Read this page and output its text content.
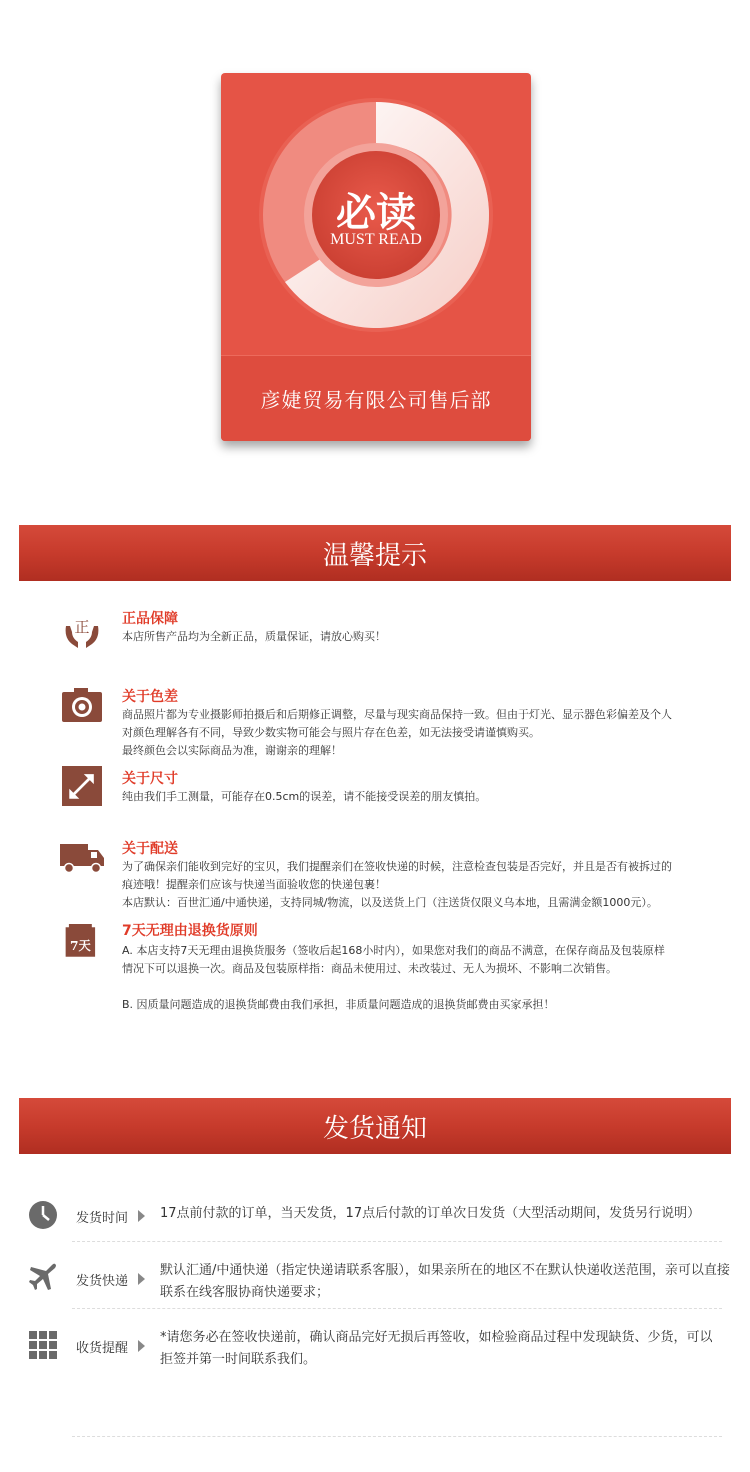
必读
MUST READ
彦婕贸易有限公司售后部
温馨提示
正 正品保障
本店所售产品均为全新正品，质量保证，请放心购买！
关于色差
商品照片都为专业摄影师拍摄后和后期修正调整，尽量与现实商品保持一致。但由于灯光、显示器色彩偏差及个人
对颜色理解各有不同，导致少数实物可能会与照片存在色差，如无法接受请谨慎购买。
最终颜色会以实际商品为准，谢谢亲的理解！
关于尺寸
纯由我们手工测量，可能存在0.5cm的误差，请不能接受误差的朋友慎拍。
关于配送
为了确保亲们能收到完好的宝贝，我们提醒亲们在签收快递的时候，注意检查包装是否完好，并且是否有被拆过的
痕迹哦！提醒亲们应该与快递当面验收您的快递包裹！
本店默认：百世汇通/中通快递，支持同城/物流，以及送货上门（注送货仅限义乌本地，且需满金额1000元）。
7天
7天无理由退换货原则
A. 本店支持7天无理由退换货服务（签收后起168小时内），如果您对我们的商品不满意，在保存商品及包装原样
情况下可以退换一次。商品及包装原样指：商品未使用过、未改装过、无人为损坏、不影响二次销售。
B. 因质量问题造成的退换货邮费由我们承担，非质量问题造成的退换货邮费由买家承担！
发货通知
发货时间 17点前付款的订单，当天发货，17点后付款的订单次日发货（大型活动期间，发货另行说明）
发货快递
默认汇通/中通快递（指定快递请联系客服），如果亲所在的地区不在默认快递收送范围，亲可以直接
联系在线客服协商快递要求；
收货提醒
*请您务必在签收快递前，确认商品完好无损后再签收，如检验商品过程中发现缺货、少货，可以
拒签并第一时间联系我们。
